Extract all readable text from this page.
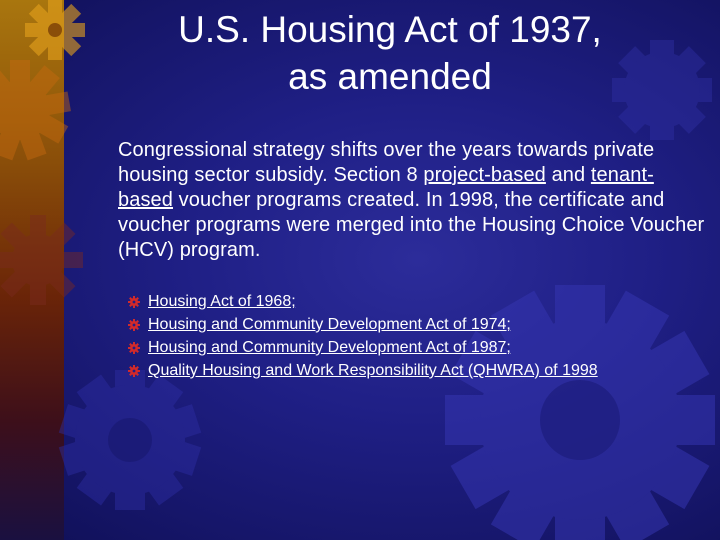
U.S. Housing Act of 1937,
as amended

Congressional strategy shifts over the years towards private housing sector subsidy. Section 8 project-based and tenant-based voucher programs created. In 1998, the certificate and voucher programs were merged into the Housing Choice Voucher (HCV) program.

Housing Act of 1968;
Housing and Community Development Act of 1974;
Housing and Community Development Act of 1987;
Quality Housing and Work Responsibility Act (QHWRA) of 1998
